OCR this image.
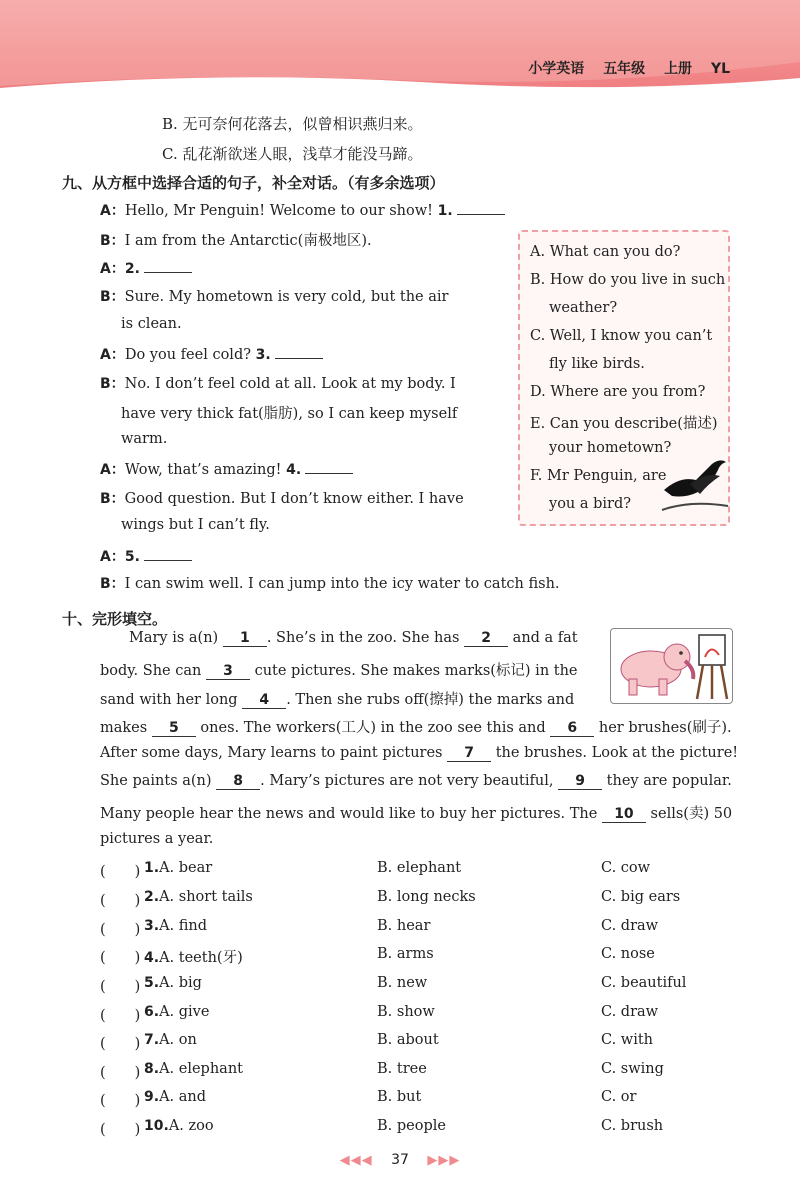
小学英语 五年级 上册 YL
B. 无可奈何花落去，似曾相识燕归来。
C. 乱花渐欲迷人眼，浅草才能没马蹄。
九、从方框中选择合适的句子，补全对话。（有多余选项）
A：Hello, Mr Penguin! Welcome to our show! 1.
B：I am from the Antarctic(南极地区).
A：2.
B：Sure. My hometown is very cold, but the air
is clean.
A：Do you feel cold? 3.
B：No. I don’t feel cold at all. Look at my body. I
have very thick fat(脂肪), so I can keep myself
warm.
A：Wow, that’s amazing! 4.
B：Good question. But I don’t know either. I have
wings but I can’t fly.
A：5.
B：I can swim well. I can jump into the icy water to catch fish.
A. What can you do?
B. How do you live in such
weather?
C. Well, I know you can’t
fly like birds.
D. Where are you from?
E. Can you describe(描述)
your hometown?
F. Mr Penguin, are
you a bird?
十、完形填空。
Mary is a(n) 1 . She’s in the zoo. She has 2 and a fat
body. She can 3 cute pictures. She makes marks(标记) in the
sand with her long 4 . Then she rubs off(擦掉) the marks and
makes 5 ones. The workers(工人) in the zoo see this and 6 her brushes(刷子).
After some days, Mary learns to paint pictures 7 the brushes. Look at the picture!
She paints a(n) 8 . Mary’s pictures are not very beautiful, 9 they are popular.
Many people hear the news and would like to buy her pictures. The 10 sells(卖) 50
pictures a year.
(　　) 1.A. bear	B. elephant	C. cow
(　　) 2.A. short tails	B. long necks	C. big ears
(　　) 3.A. find	B. hear	C. draw
(　　) 4.A. teeth(牙)	B. arms	C. nose
(　　) 5.A. big	B. new	C. beautiful
(　　) 6.A. give	B. show	C. draw
(　　) 7.A. on	B. about	C. with
(　　) 8.A. elephant	B. tree	C. swing
(　　) 9.A. and	B. but	C. or
(　　) 10.A. zoo	B. people	C. brush
◀◀◀ 37 ▶▶▶
